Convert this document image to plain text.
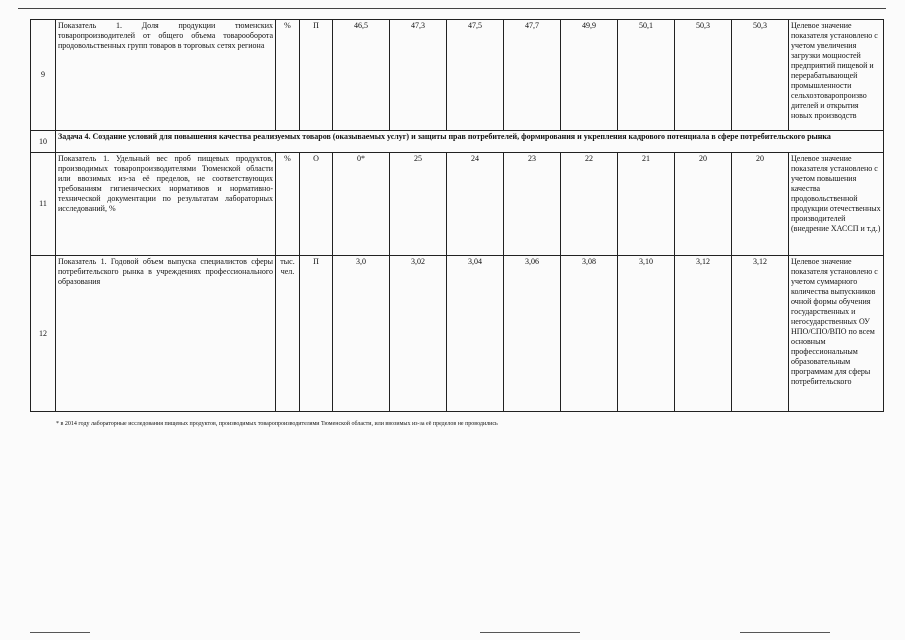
9	Показатель 1. Доля продукции тюменских товаропроизводителей от общего объема товарооборота продовольственных групп товаров в торговых сетях региона	%	П	46,5	47,3	47,5	47,7	49,9	50,1	50,3	50,3	Целевое значение показателя установлено с учетом увеличения загрузки мощностей предприятий пищевой и перерабатывающей промышленности сельхозтоваропроизво дителей и открытия новых производств
10	Задача 4. Создание условий для повышения качества реализуемых товаров (оказываемых услуг) и защиты прав потребителей, формирования и укрепления кадрового потенциала в сфере потребительского рынка											
11	Показатель 1. Удельный вес проб пищевых продуктов, производимых товаропроизводителями Тюменской области или ввозимых из-за её пределов, не соответствующих требованиям гигиенических нормативов и нормативно-технической документации по результатам лабораторных исследований, %	%	О	0*	25	24	23	22	21	20	20	Целевое значение показателя установлено с учетом повышения качества продовольственной продукции отечественных производителей (внедрение ХАССП и т.д.)
12	Показатель 1. Годовой объем выпуска специалистов сферы потребительского рынка в учреждениях профессионального образования	тыс. чел.	П	3,0	3,02	3,04	3,06	3,08	3,10	3,12	3,12	Целевое значение показателя установлено с учетом суммарного количества выпускников очной формы обучения государственных и негосударственных ОУ НПО/СПО/ВПО по всем основным профессиональным образовательным программам для сферы потребительского
* в 2014 году лабораторные исследования пищевых продуктов, производимых товаропроизводителями Тюменской области, или ввозимых из-за её пределов не проводились
